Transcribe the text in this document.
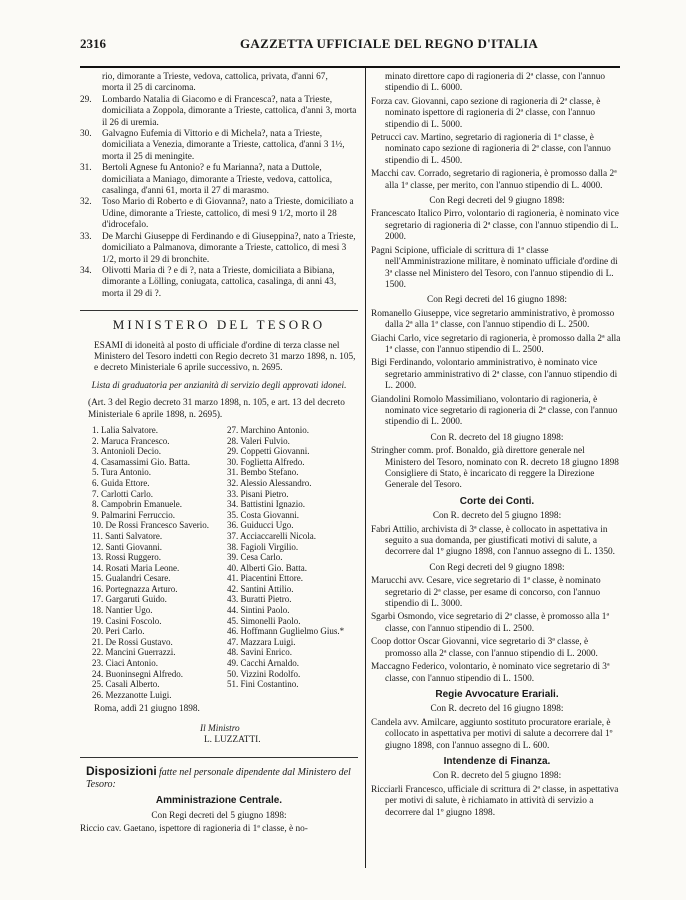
2316	GAZZETTA UFFICIALE DEL REGNO D'ITALIA
rio, dimorante a Trieste, vedova, cattolica, privata, d'anni 67,
morta il 25 di carcinoma.
29. Lombardo Natalia di Giacomo e di Francesca?, nata a Trieste, domiciliata a Zoppola, dimorante a Trieste, cattolica, d'anni 3, morta il 26 di uremia.
30. Galvagno Eufemia di Vittorio e di Michela?, nata a Trieste, domiciliata a Venezia, dimorante a Trieste, cattolica, d'anni 3 1½, morta il 25 di meningite.
31. Bertoli Agnese fu Antonio? e fu Marianna?, nata a Duttole, domiciliata a Maniago, dimorante a Trieste, vedova, cattolica, casalinga, d'anni 61, morta il 27 di marasmo.
32. Toso Mario di Roberto e di Giovanna?, nato a Trieste, domiciliato a Udine, dimorante a Trieste, cattolico, di mesi 9 1/2, morto il 28 d'idrocefalo.
33. De Marchi Giuseppe di Ferdinando e di Giuseppina?, nato a Trieste, domiciliato a Palmanova, dimorante a Trieste, cattolico, di mesi 3 1/2, morto il 29 di bronchite.
34. Olivotti Maria di ? e di ?, nata a Trieste, domiciliata a Bibiana, dimorante a Lölling, coniugata, cattolica, casalinga, di anni 43, morta il 29 di ?.
MINISTERO DEL TESORO

ESAMI di idoneità al posto di ufficiale d'ordine di terza classe nel Ministero del Tesoro indetti con Regio decreto 31 marzo 1898, n. 105, e decreto Ministeriale 6 aprile successivo, n. 2695.

Lista di graduatoria per anzianità di servizio degli approvati idonei.

(Art. 3 del Regio decreto 31 marzo 1898, n. 105, e art. 13 del decreto Ministeriale 6 aprile 1898, n. 2695).

1. Lalia Salvatore.
2. Maruca Francesco.
3. Antonioli Decio.
4. Casamassimi Gio. Batta.
5. Tura Antonio.
6. Guida Ettore.
7. Carlotti Carlo.
8. Campobrin Emanuele.
9. Palmarini Ferruccio.
10. De Rossi Francesco Saverio.
11. Santi Salvatore.
12. Santi Giovanni.
13. Rossi Ruggero.
14. Rosati Maria Leone.
15. Gualandri Cesare.
16. Portegnazza Arturo.
17. Gargaruti Guido.
18. Nantier Ugo.
19. Casini Foscolo.
20. Peri Carlo.
21. De Rossi Gustavo.
22. Mancini Guerrazzi.
23. Ciaci Antonio.
24. Buoninsegni Alfredo.
25. Casali Alberto.
26. Mezzanotte Luigi.
27. Marchino Antonio.
28. Valeri Fulvio.
29. Coppetti Giovanni.
30. Foglietta Alfredo.
31. Bembo Stefano.
32. Alessio Alessandro.
33. Pisani Pietro.
34. Battistini Ignazio.
35. Costa Giovanni.
36. Guiducci Ugo.
37. Acciaccarelli Nicola.
38. Fagioli Virgilio.
39. Cesa Carlo.
40. Alberti Gio. Batta.
41. Piacentini Ettore.
42. Santini Attilio.
43. Buratti Pietro.
44. Sintini Paolo.
45. Simonelli Paolo.
46. Hoffmann Guglielmo Gius.*
47. Mazzara Luigi.
48. Savini Enrico.
49. Cacchi Arnaldo.
50. Vizzini Rodolfo.
51. Fini Costantino.
Roma, addì 21 giugno 1898.
Il Ministro
L. LUZZATTI.
Disposizioni fatte nel personale dipendente dal Ministero del Tesoro:
Amministrazione Centrale.
Con Regi decreti del 5 giugno 1898:
Riccio cav. Gaetano, ispettore di ragioneria di 1ª classe, è no-

minato direttore capo di ragioneria di 2ª classe, con l'annuo stipendio di L. 6000.

Forza cav. Giovanni, capo sezione di ragioneria di 2ª classe, è nominato ispettore di ragioneria di 2ª classe, con l'annuo stipendio di L. 5000.

Petrucci cav. Martino, segretario di ragioneria di 1ª classe, è nominato capo sezione di ragioneria di 2ª classe, con l'annuo stipendio di L. 4500.

Macchi cav. Corrado, segretario di ragioneria, è promosso dalla 2ª alla 1ª classe, per merito, con l'annuo stipendio di L. 4000.

Con Regi decreti del 9 giugno 1898:

Francescato Italico Pirro, volontario di ragioneria, è nominato vice segretario di ragioneria di 2ª classe, con l'annuo stipendio di L. 2000.

Pagni Scipione, ufficiale di scrittura di 1ª classe nell'Amministrazione militare, è nominato ufficiale d'ordine di 3ª classe nel Ministero del Tesoro, con l'annuo stipendio di L. 1500.

Con Regi decreti del 16 giugno 1898:

Romanello Giuseppe, vice segretario amministrativo, è promosso dalla 2ª alla 1ª classe, con l'annuo stipendio di L. 2500.

Giachi Carlo, vice segretario di ragioneria, è promosso dalla 2ª alla 1ª classe, con l'annuo stipendio di L. 2500.

Bigi Ferdinando, volontario amministrativo, è nominato vice segretario amministrativo di 2ª classe, con l'annuo stipendio di L. 2000.

Giandolini Romolo Massimiliano, volontario di ragioneria, è nominato vice segretario di ragioneria di 2ª classe, con l'annuo stipendio di L. 2000.

Con R. decreto del 18 giugno 1898:

Stringher comm. prof. Bonaldo, già direttore generale nel Ministero del Tesoro, nominato con R. decreto 18 giugno 1898 Consigliere di Stato, è incaricato di reggere la Direzione Generale del Tesoro.

Corte dei Conti.
Con R. decreto del 5 giugno 1898:

Fabri Attilio, archivista di 3ª classe, è collocato in aspettativa in seguito a sua domanda, per giustificati motivi di salute, a decorrere dal 1º giugno 1898, con l'annuo assegno di L. 1350.

Con Regi decreti del 9 giugno 1898:

Marucchi avv. Cesare, vice segretario di 1ª classe, è nominato segretario di 2ª classe, per esame di concorso, con l'annuo stipendio di L. 3000.

Sgarbi Osmondo, vice segretario di 2ª classe, è promosso alla 1ª classe, con l'annuo stipendio di L. 2500.

Coop dottor Oscar Giovanni, vice segretario di 3ª classe, è promosso alla 2ª classe, con l'annuo stipendio di L. 2000.

Maccagno Federico, volontario, è nominato vice segretario di 3ª classe, con l'annuo stipendio di L. 1500.

Regie Avvocature Erariali.
Con R. decreto del 16 giugno 1898:

Candela avv. Amilcare, aggiunto sostituto procuratore erariale, è collocato in aspettativa per motivi di salute a decorrere dal 1º giugno 1898, con l'annuo assegno di L. 600.

Intendenze di Finanza.
Con R. decreto del 5 giugno 1898:

Ricciarli Francesco, ufficiale di scrittura di 2ª classe, in aspettativa per motivi di salute, è richiamato in attività di servizio a decorrere dal 1º giugno 1898.
